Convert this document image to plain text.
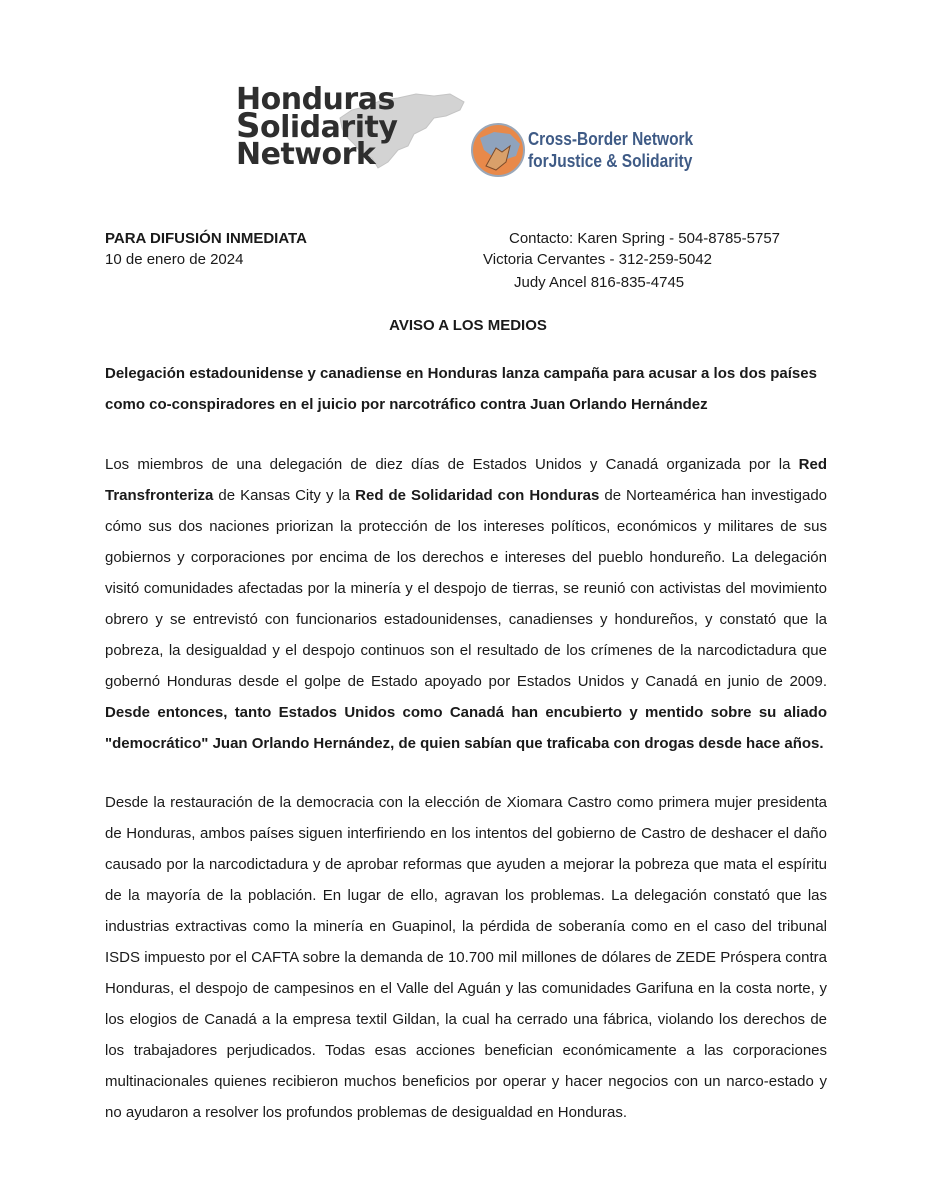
Honduras
Solidarity
Network	Cross-Border Network
forJustice & Solidarity
PARA DIFUSIÓN INMEDIATA
10 de enero de 2024
Contacto: Karen Spring - 504-8785-5757
Victoria Cervantes - 312-259-5042
Judy Ancel 816-835-4745
AVISO A LOS MEDIOS
Delegación estadounidense y canadiense en Honduras lanza campaña para acusar a los dos países como co-conspiradores en el juicio por narcotráfico contra Juan Orlando Hernández

Los miembros de una delegación de diez días de Estados Unidos y Canadá organizada por la Red Transfronteriza de Kansas City y la Red de Solidaridad con Honduras de Norteamérica han investigado cómo sus dos naciones priorizan la protección de los intereses políticos, económicos y militares de sus gobiernos y corporaciones por encima de los derechos e intereses del pueblo hondureño. La delegación visitó comunidades afectadas por la minería y el despojo de tierras, se reunió con activistas del movimiento obrero y se entrevistó con funcionarios estadounidenses, canadienses y hondureños, y constató que la pobreza, la desigualdad y el despojo continuos son el resultado de los crímenes de la narcodictadura que gobernó Honduras desde el golpe de Estado apoyado por Estados Unidos y Canadá en junio de 2009. Desde entonces, tanto Estados Unidos como Canadá han encubierto y mentido sobre su aliado "democrático" Juan Orlando Hernández, de quien sabían que traficaba con drogas desde hace años.

Desde la restauración de la democracia con la elección de Xiomara Castro como primera mujer presidenta de Honduras, ambos países siguen interfiriendo en los intentos del gobierno de Castro de deshacer el daño causado por la narcodictadura y de aprobar reformas que ayuden a mejorar la pobreza que mata el espíritu de la mayoría de la población. En lugar de ello, agravan los problemas. La delegación constató que las industrias extractivas como la minería en Guapinol, la pérdida de soberanía como en el caso del tribunal ISDS impuesto por el CAFTA sobre la demanda de 10.700 mil millones de dólares de ZEDE Próspera contra Honduras, el despojo de campesinos en el Valle del Aguán y las comunidades Garifuna en la costa norte, y los elogios de Canadá a la empresa textil Gildan, la cual ha cerrado una fábrica, violando los derechos de los trabajadores perjudicados. Todas esas acciones benefician económicamente a las corporaciones multinacionales quienes recibieron muchos beneficios por operar y hacer negocios con un narco-estado y no ayudaron a resolver los profundos problemas de desigualdad en Honduras.
